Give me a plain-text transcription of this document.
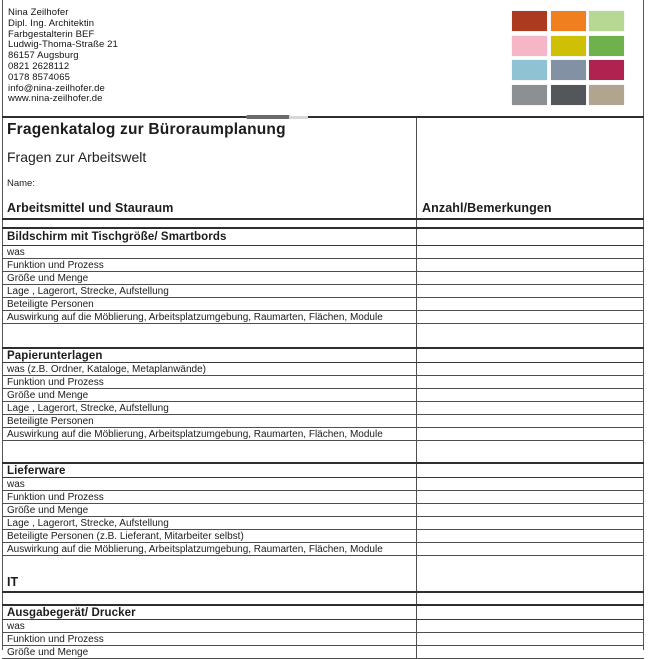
Nina Zeilhofer
Dipl. Ing. Architektin
Farbgestalterin BEF
Ludwig-Thoma-Straße 21
86157 Augsburg
0821 2628112
0178 8574065
info@nina-zeilhofer.de
www.nina-zeilhofer.de
Fragenkatalog zur Büroraumplanung
Fragen zur Arbeitswelt
Name:
Arbeitsmittel und Stauraum	Anzahl/Bemerkungen
Bildschirm mit Tischgröße/ Smartbords
was
Funktion und Prozess
Größe und Menge
Lage , Lagerort, Strecke, Aufstellung
Beteiligte Personen
Auswirkung auf die Möblierung, Arbeitsplatzumgebung, Raumarten, Flächen, Module
Papierunterlagen
was (z.B. Ordner, Kataloge, Metaplanwände)
Funktion und Prozess
Größe und Menge
Lage , Lagerort, Strecke, Aufstellung
Beteiligte Personen
Auswirkung auf die Möblierung, Arbeitsplatzumgebung, Raumarten, Flächen, Module
Lieferware
was
Funktion und Prozess
Größe und Menge
Lage , Lagerort, Strecke, Aufstellung
Beteiligte Personen (z.B. Lieferant, Mitarbeiter selbst)
Auswirkung auf die Möblierung, Arbeitsplatzumgebung, Raumarten, Flächen, Module
IT
Ausgabegerät/ Drucker
was
Funktion und Prozess
Größe und Menge
